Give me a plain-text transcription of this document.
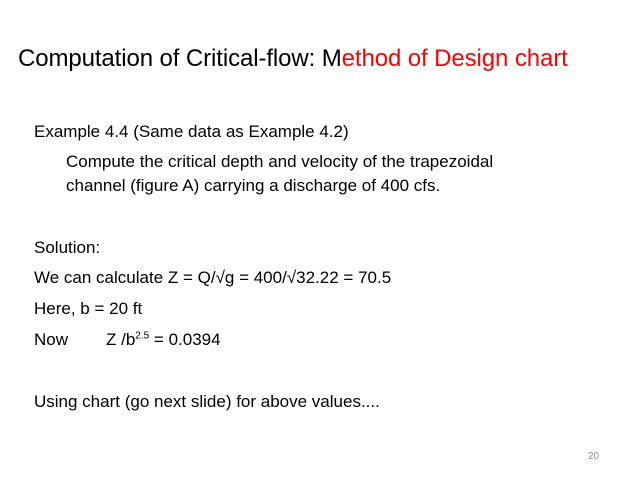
Computation of Critical-flow: Method of Design chart
Example 4.4 (Same data as Example 4.2)
Compute the critical depth and velocity of the trapezoidal
channel (figure A) carrying a discharge of 400 cfs.
Solution:
We can calculate Z = Q/√g = 400/√32.22 = 70.5
Here, b = 20 ft
Now Z $/b^{2.5} = 0.0394$
Using chart (go next slide) for above values....
20
